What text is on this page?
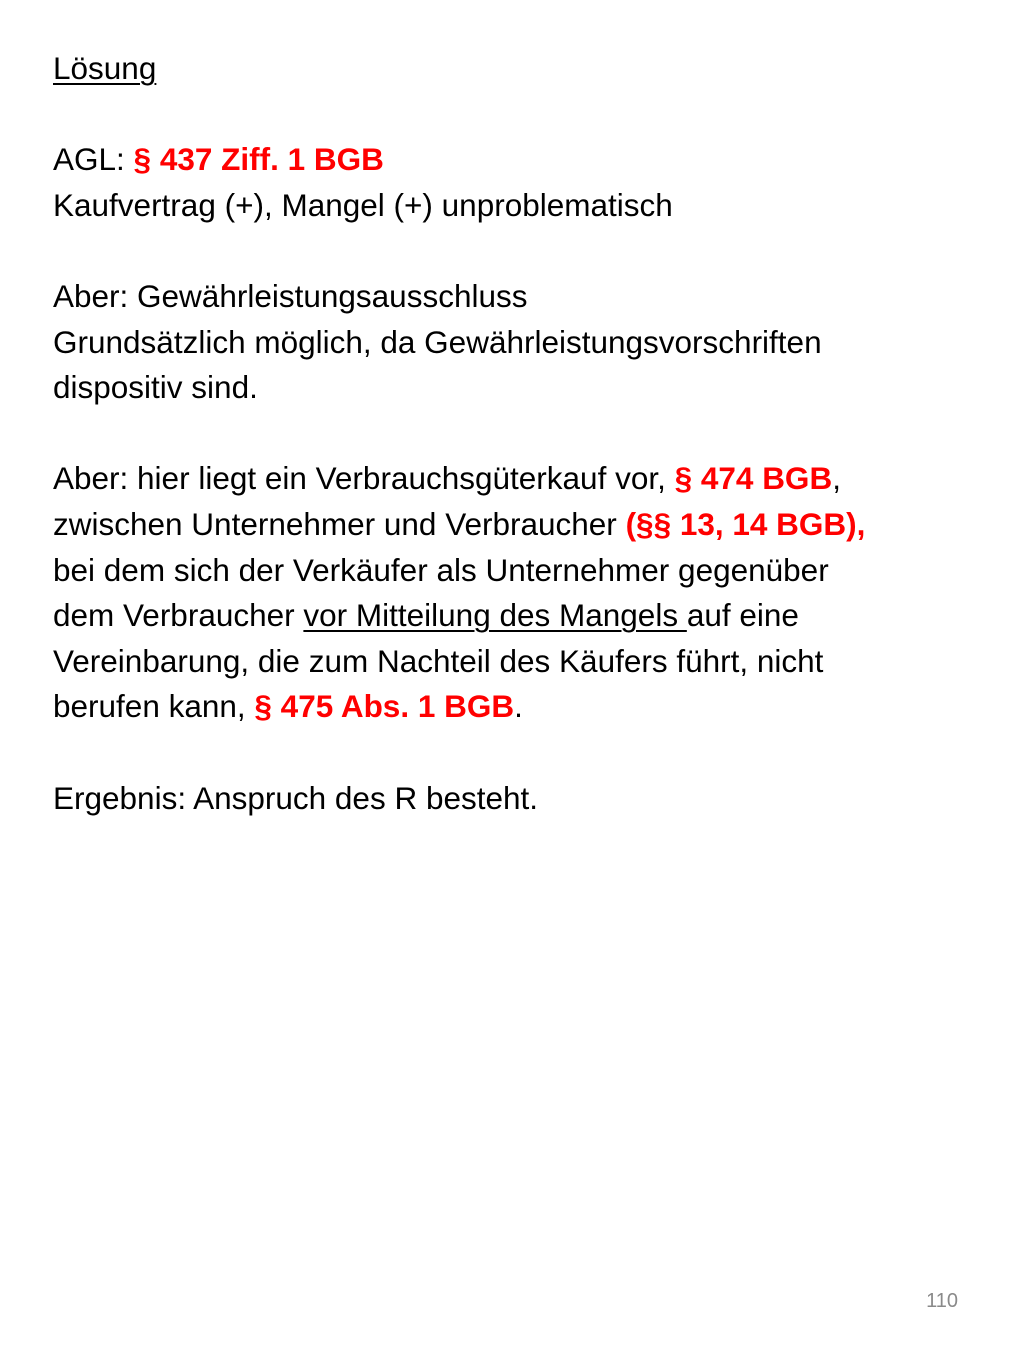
Lösung
AGL: § 437 Ziff. 1 BGB
Kaufvertrag (+), Mangel (+) unproblematisch
Aber: Gewährleistungsausschluss
Grundsätzlich möglich, da Gewährleistungsvorschriften
dispositiv sind.
Aber: hier liegt ein Verbrauchsgüterkauf vor, § 474 BGB,
zwischen Unternehmer und Verbraucher (§§ 13, 14 BGB),
bei dem sich der Verkäufer als Unternehmer gegenüber
dem Verbraucher vor Mitteilung des Mangels auf eine
Vereinbarung, die zum Nachteil des Käufers führt, nicht
berufen kann, § 475 Abs. 1 BGB.
Ergebnis: Anspruch des R besteht.
110
